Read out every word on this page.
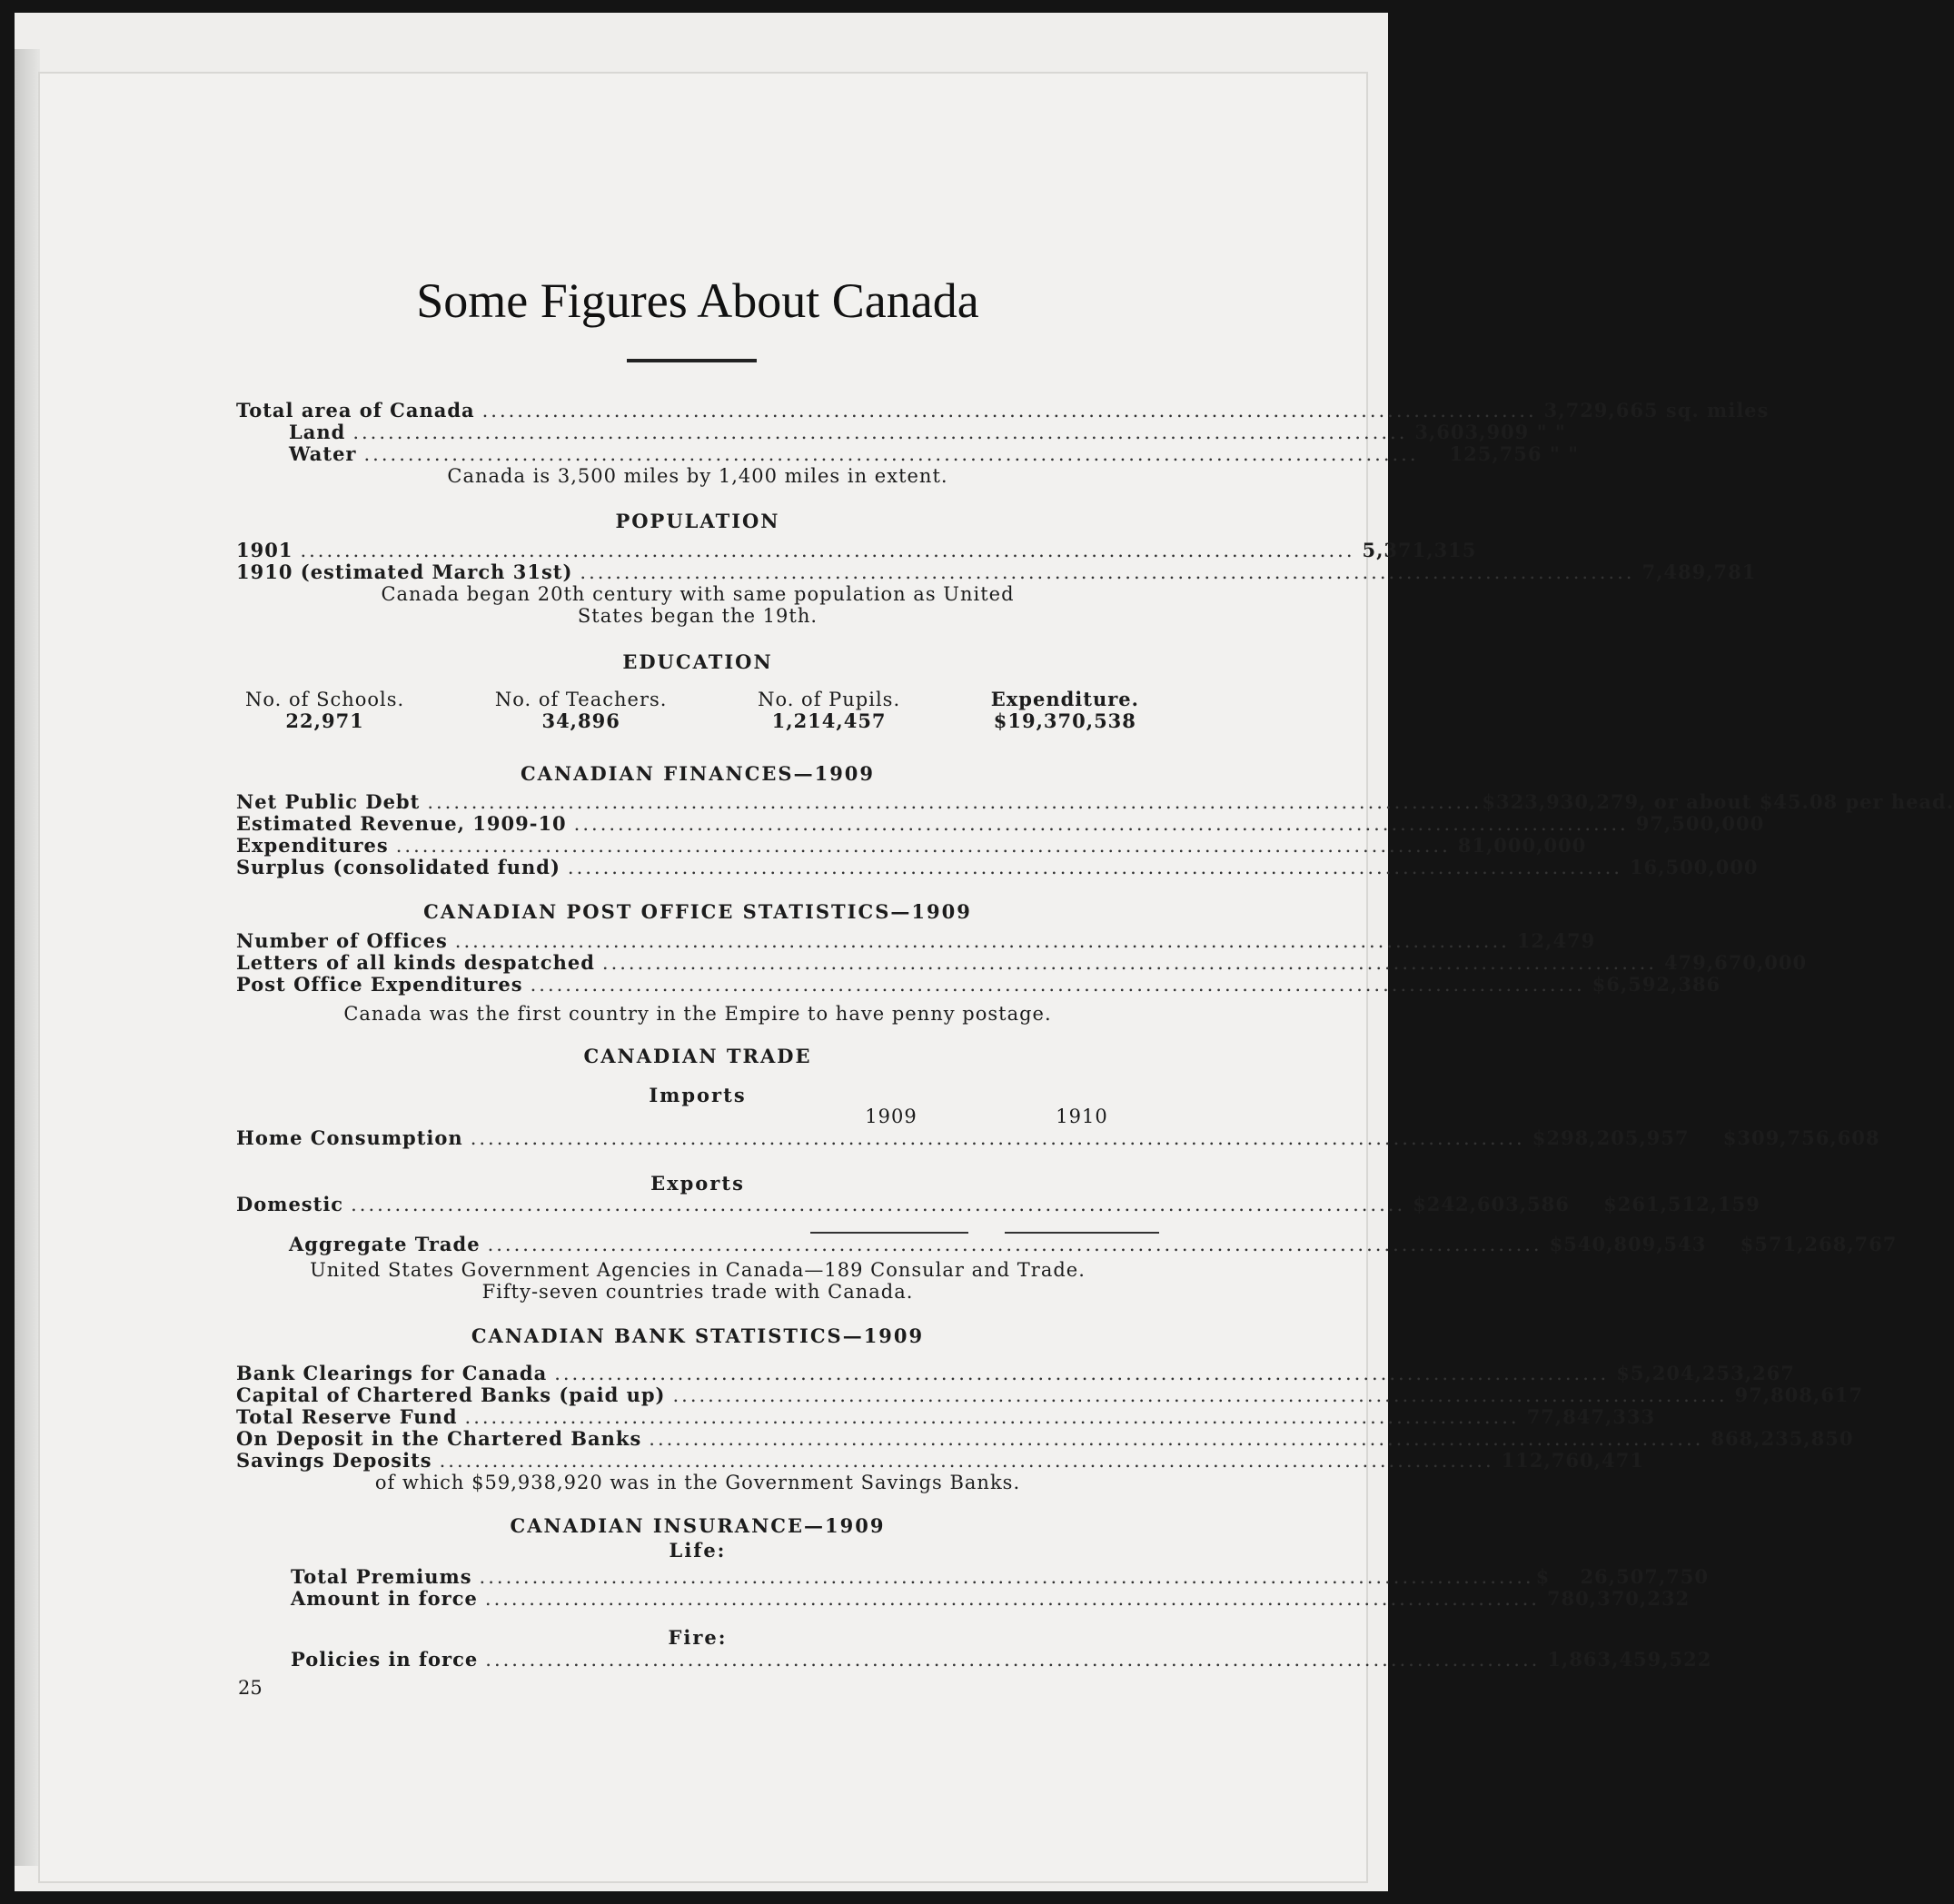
Some Figures About Canada
Total area of Canada ........................................................................................................................ 3,729,665 sq. miles
Land ........................................................................................................................ 3,603,909 " "
Water ........................................................................................................................	125,756 " "
Canada is 3,500 miles by 1,400 miles in extent.
POPULATION
1901 ........................................................................................................................ 5,371,315
1910 (estimated March 31st) ........................................................................................................................ 7,489,781
Canada began 20th century with same population as United
States began the 19th.
EDUCATION
No. of Schools.
22,971
No. of Teachers.
34,896
No. of Pupils.
1,214,457
Expenditure.
$19,370,538
CANADIAN FINANCES—1909
Net Public Debt ........................................................................................................................ $323,930,279, or about $45.08 per head.
Estimated Revenue, 1909-10 ........................................................................................................................ 97,500,000
Expenditures ........................................................................................................................ 81,000,000
Surplus (consolidated fund) ........................................................................................................................ 16,500,000
CANADIAN POST OFFICE STATISTICS—1909
Number of Offices ........................................................................................................................ 12,479
Letters of all kinds despatched ........................................................................................................................ 479,670,000
Post Office Expenditures ........................................................................................................................ $6,592,386
Canada was the first country in the Empire to have penny postage.
CANADIAN TRADE
Imports
1909	1910
Home Consumption ........................................................................................................................ $298,205,957 $309,756,608
Exports
Domestic ........................................................................................................................ $242,603,586 $261,512,159
Aggregate Trade ........................................................................................................................ $540,809,543 $571,268,767
United States Government Agencies in Canada—189 Consular and Trade.
Fifty-seven countries trade with Canada.
CANADIAN BANK STATISTICS—1909
Bank Clearings for Canada ........................................................................................................................ $5,204,253,267
Capital of Chartered Banks (paid up) ........................................................................................................................ 97,808,617
Total Reserve Fund ........................................................................................................................ 77,847,333
On Deposit in the Chartered Banks ........................................................................................................................ 868,235,850
Savings Deposits ........................................................................................................................ 112,760,471
of which $59,938,920 was in the Government Savings Banks.
CANADIAN INSURANCE—1909
Life:
Total Premiums ........................................................................................................................ $    26,507,750
Amount in force ........................................................................................................................ 780,370,232
Fire:
Policies in force ........................................................................................................................ 1,863,459,522
25
